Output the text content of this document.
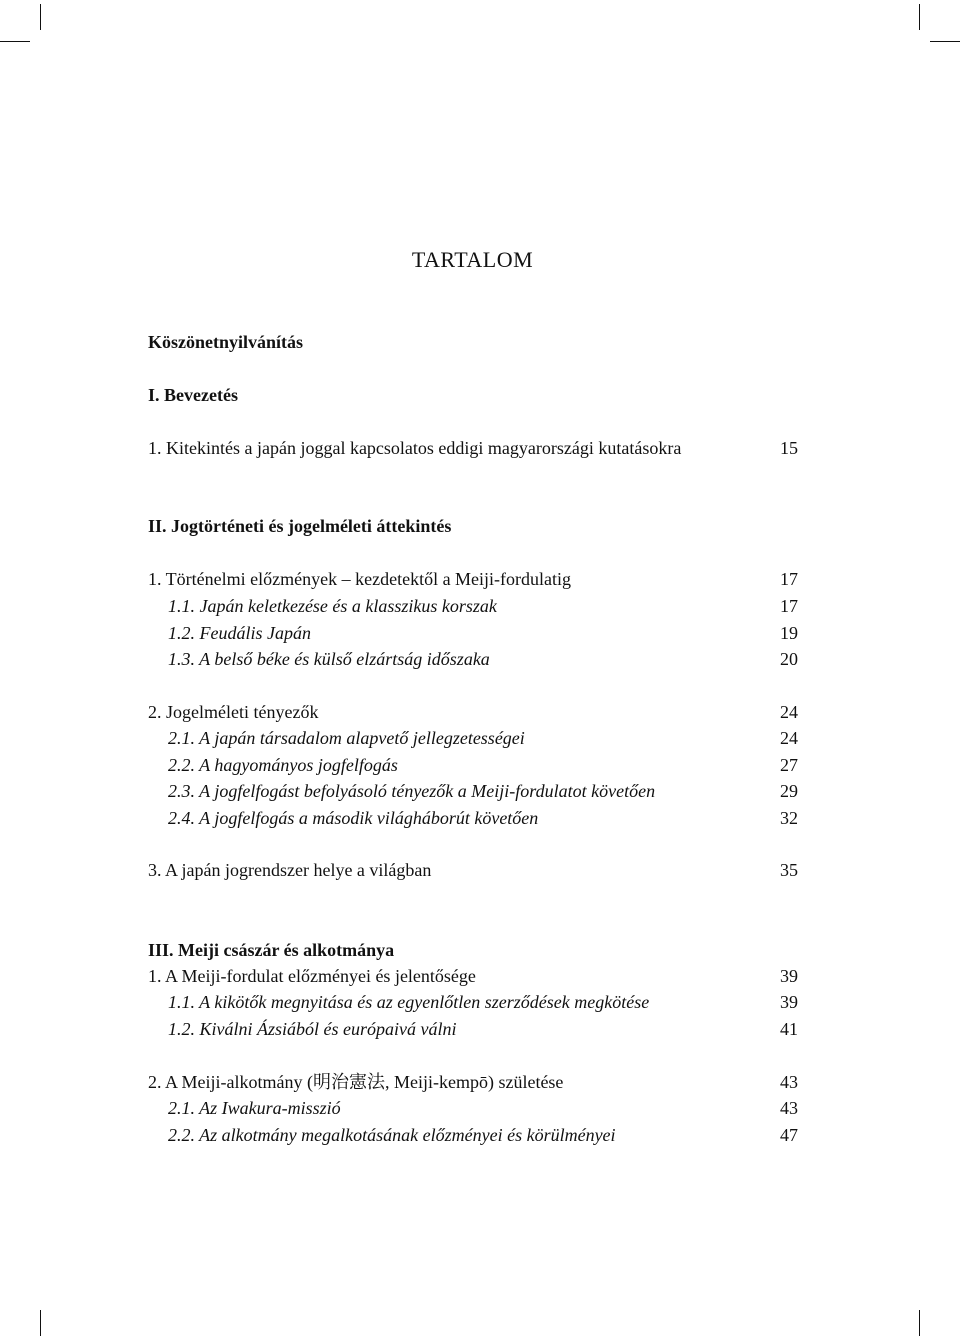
TARTALOM
Köszönetnyilvánítás
I. Bevezetés
1. Kitekintés a japán joggal kapcsolatos eddigi magyarországi kutatásokra	15
II. Jogtörténeti és jogelméleti áttekintés
1. Történelmi előzmények – kezdetektől a Meiji-fordulatig	17
1.1. Japán keletkezése és a klasszikus korszak	17
1.2. Feudális Japán	19
1.3. A belső béke és külső elzártság időszaka	20
2. Jogelméleti tényezők	24
2.1. A japán társadalom alapvető jellegzetességei	24
2.2. A hagyományos jogfelfogás	27
2.3. A jogfelfogást befolyásoló tényezők a Meiji-fordulatot követően	29
2.4. A jogfelfogás a második világháborút követően	32
3. A japán jogrendszer helye a világban	35
III. Meiji császár és alkotmánya
1. A Meiji-fordulat előzményei és jelentősége	39
1.1. A kikötők megnyitása és az egyenlőtlen szerződések megkötése	39
1.2. Kiválni Ázsiából és európaivá válni	41
2. A Meiji-alkotmány (明治憲法, Meiji-kempō) születése	43
2.1. Az Iwakura-misszió	43
2.2. Az alkotmány megalkotásának előzményei és körülményei	47
